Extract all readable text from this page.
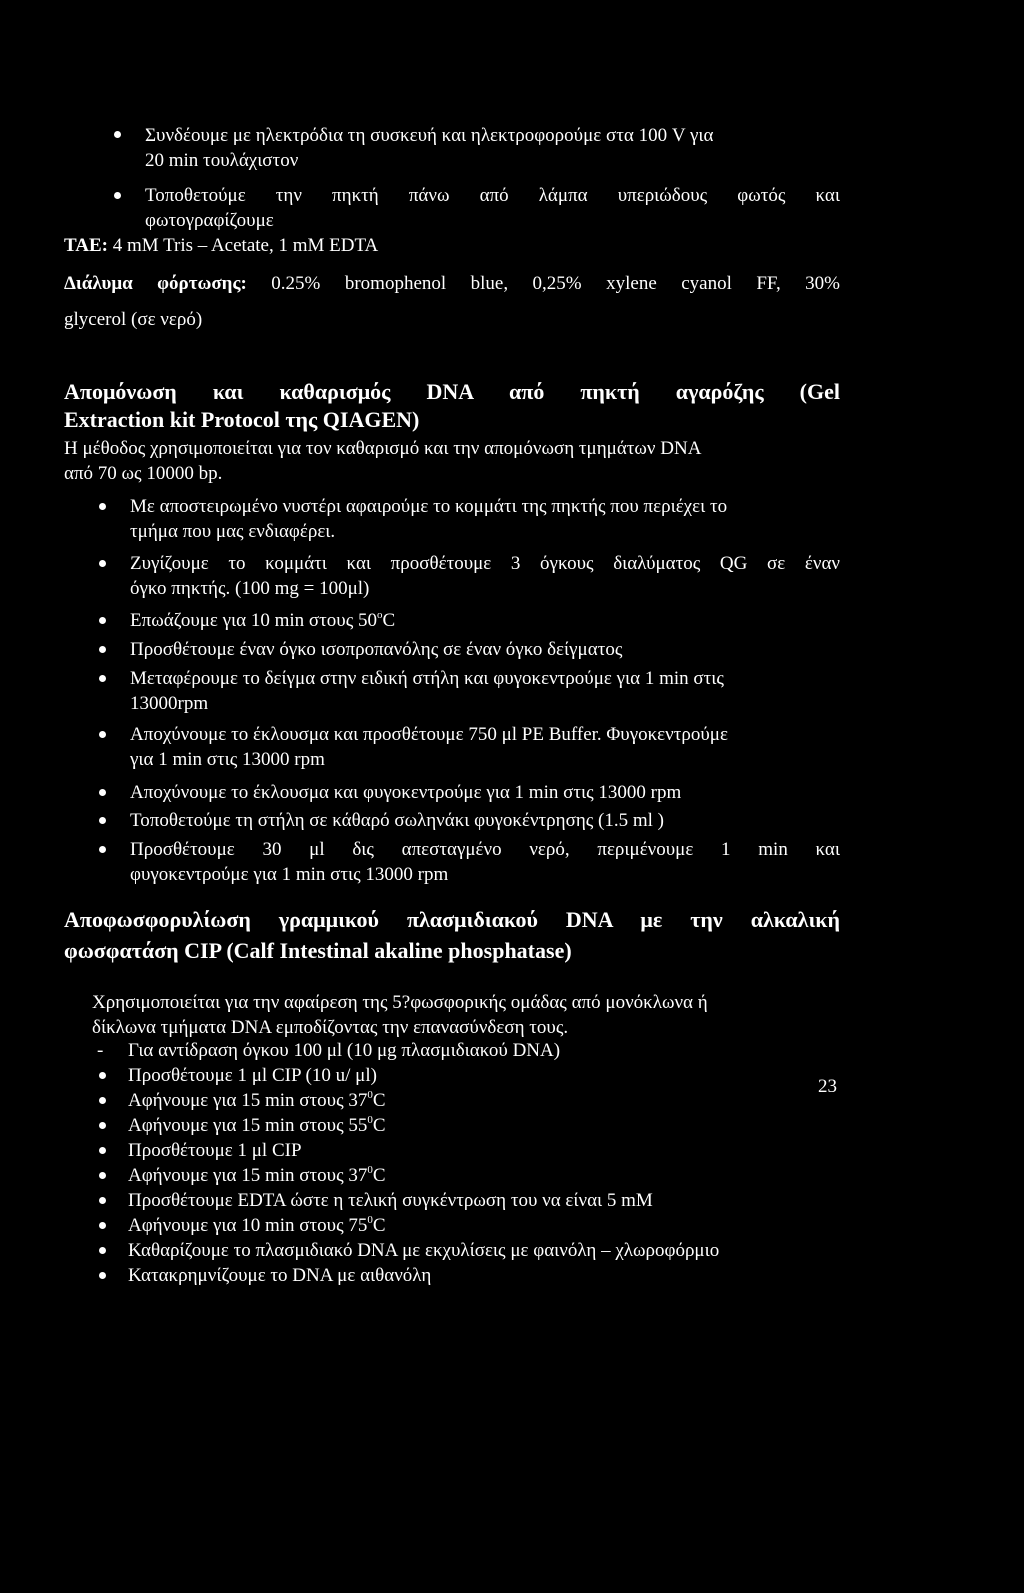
Συνδέουμε με ηλεκτρόδια τη συσκευή και ηλεκτροφορούμε στα 100 V για
20 min τουλάχιστον
Τοποθετούμε την πηκτή πάνω από λάμπα υπεριώδους φωτός και
φωτογραφίζουμε
TAE: 4 mM Tris – Acetate, 1 mM EDTA
Διάλυμα φόρτωσης: 0.25% bromophenol blue, 0,25% xylene cyanol FF, 30%
glycerol (σε νερό)
Απομόνωση και καθαρισμός DNA από πηκτή αγαρόζης (Gel
Extraction kit Protocol της QIAGEN)
Η μέθοδος χρησιμοποιείται για τον καθαρισμό και την απομόνωση τμημάτων DNA
από 70 ως 10000 bp.
Με αποστειρωμένο νυστέρι αφαιρούμε το κομμάτι της πηκτής που περιέχει το
τμήμα που μας ενδιαφέρει.
Ζυγίζουμε το κομμάτι και προσθέτουμε 3 όγκους διαλύματος QG σε έναν
όγκο πηκτής. (100 mg = 100μl)
Επωάζουμε για 10 min στους 50$^o$C
Προσθέτουμε έναν όγκο ισοπροπανόλης σε έναν όγκο δείγματος
Μεταφέρουμε το δείγμα στην ειδική στήλη και φυγοκεντρούμε για 1 min στις
13000rpm
Αποχύνουμε το έκλουσμα και προσθέτουμε 750 μl PE Buffer. Φυγοκεντρούμε
για 1 min στις 13000 rpm
Αποχύνουμε το έκλουσμα και φυγοκεντρούμε για 1 min στις 13000 rpm
Τοποθετούμε τη στήλη σε κάθαρό σωληνάκι φυγοκέντρησης (1.5 ml )
Προσθέτουμε 30 μl δις απεσταγμένο νερό, περιμένουμε 1 min και
φυγοκεντρούμε για 1 min στις 13000 rpm
Αποφωσφορυλίωση γραμμικού πλασμιδιακού DNA με την αλκαλική
φωσφατάση CIP (Calf Intestinal akaline phosphatase)
Χρησιμοποιείται για την αφαίρεση της 5?φωσφορικής ομάδας από μονόκλωνα ή
δίκλωνα τμήματα DNA εμποδίζοντας την επανασύνδεση τους.
- Για αντίδραση όγκου 100 μl (10 μg πλασμιδιακού DNA)
Προσθέτουμε 1 μl CIP (10 u/ μl)
Αφήνουμε για 15 min στους $37^0C$
Αφήνουμε για 15 min στους $55^0C$
Προσθέτουμε 1 μl CIP
Αφήνουμε για 15 min στους $37^0C$
Προσθέτουμε EDTA ώστε η τελική συγκέντρωση του να είναι 5 mM
Αφήνουμε για 10 min στους $75^0C$
Καθαρίζουμε το πλασμιδιακό DNA με εκχυλίσεις με φαινόλη – χλωροφόρμιο
Κατακρημνίζουμε το DNA με αιθανόλη
23
